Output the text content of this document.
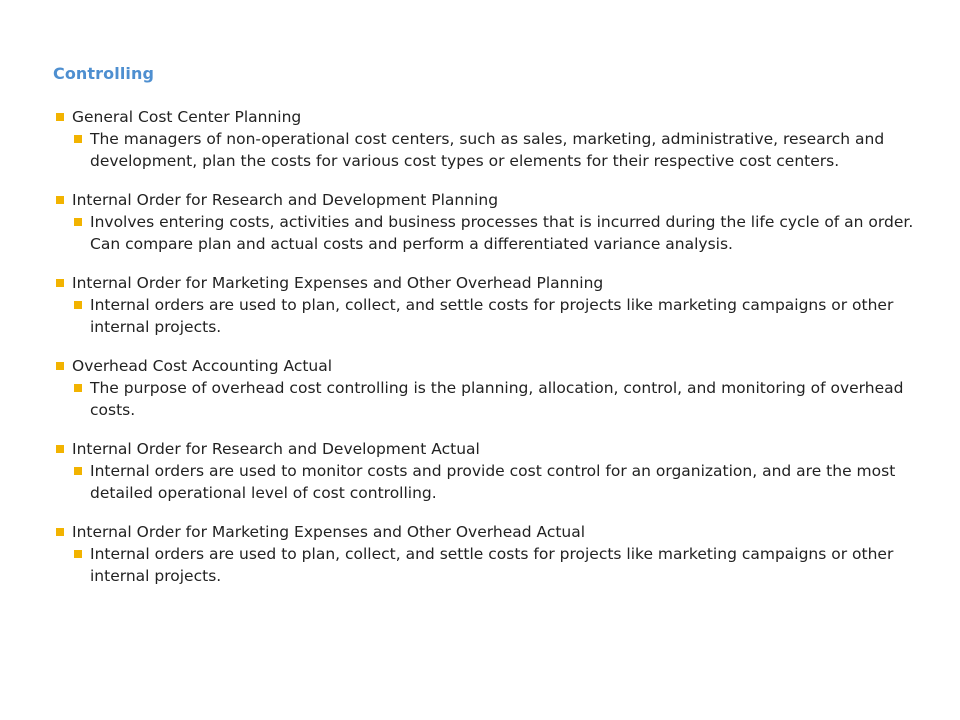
Controlling
General Cost Center Planning
The managers of non-operational cost centers, such as sales, marketing, administrative, research and development, plan the costs for various cost types or elements for their respective cost centers.
Internal Order for Research and Development Planning
Involves entering costs, activities and business processes that is incurred during the life cycle of an order. Can compare plan and actual costs and perform a differentiated variance analysis.
Internal Order for Marketing Expenses and Other Overhead Planning
Internal orders are used to plan, collect, and settle costs for projects like marketing campaigns or other internal projects.
Overhead Cost Accounting Actual
The purpose of overhead cost controlling is the planning, allocation, control, and monitoring of overhead costs.
Internal Order for Research and Development Actual
Internal orders are used to monitor costs and provide cost control for an organization, and are the most detailed operational level of cost controlling.
Internal Order for Marketing Expenses and Other Overhead Actual
Internal orders are used to plan, collect, and settle costs for projects like marketing campaigns or other internal projects.
